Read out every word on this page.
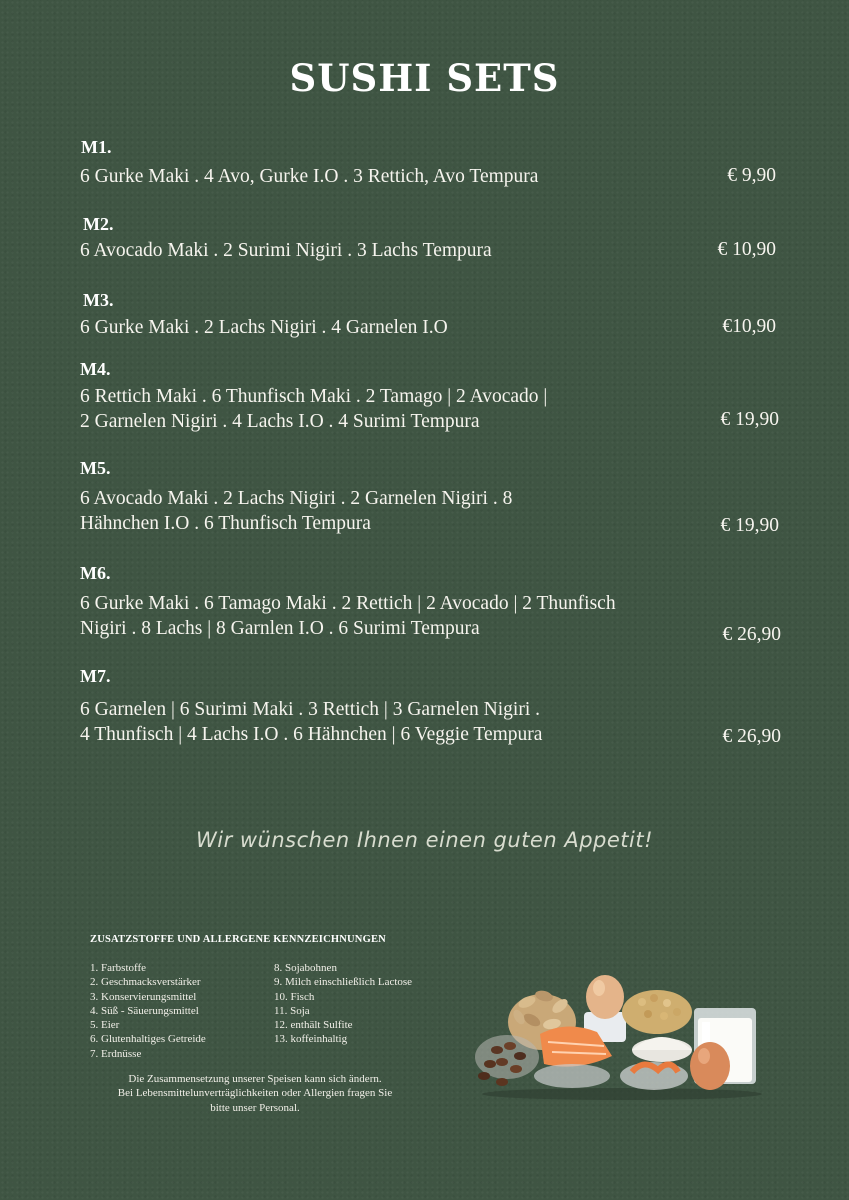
SUSHI SETS
M1.
6 Gurke Maki . 4 Avo, Gurke I.O . 3 Rettich, Avo Tempura	€ 9,90
M2.
6 Avocado Maki . 2 Surimi Nigiri . 3 Lachs Tempura	€ 10,90
M3.
6 Gurke Maki . 2 Lachs Nigiri . 4 Garnelen I.O	€10,90
M4.
6 Rettich Maki . 6 Thunfisch Maki . 2 Tamago | 2 Avocado |
2 Garnelen Nigiri . 4 Lachs I.O . 4 Surimi Tempura	€ 19,90
M5.
6 Avocado Maki . 2 Lachs Nigiri . 2 Garnelen Nigiri . 8
Hähnchen I.O . 6 Thunfisch Tempura	€ 19,90
M6.
6 Gurke Maki . 6 Tamago Maki . 2 Rettich | 2 Avocado | 2 Thunfisch
Nigiri . 8 Lachs | 8 Garnlen I.O . 6 Surimi Tempura	€ 26,90
M7.
6 Garnelen | 6 Surimi Maki . 3 Rettich | 3 Garnelen Nigiri .
4 Thunfisch | 4 Lachs I.O . 6 Hähnchen | 6 Veggie Tempura	€ 26,90
Wir wünschen Ihnen einen guten Appetit!
ZUSATZSTOFFE UND ALLERGENE KENNZEICHNUNGEN
1. Farbstoffe
2. Geschmacksverstärker
3. Konservierungsmittel
4. Süß - Säuerungsmittel
5. Eier
6. Glutenhaltiges Getreide
7. Erdnüsse
8. Sojabohnen
9. Milch einschließlich Lactose
10. Fisch
11. Soja
12. enthält Sulfite
13. koffeinhaltig
Die Zusammensetzung unserer Speisen kann sich ändern.
Bei Lebensmittelunverträglichkeiten oder Allergien fragen Sie
bitte unser Personal.
